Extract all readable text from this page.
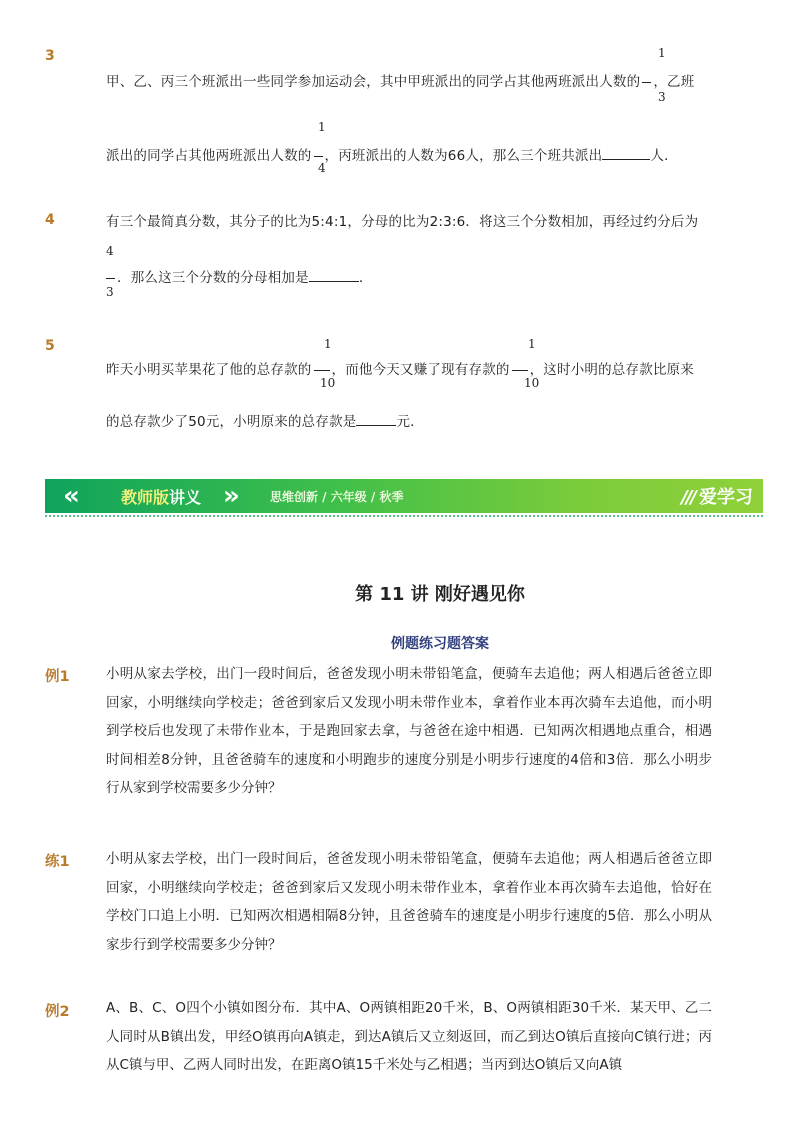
3	1
甲、乙、丙三个班派出一些同学参加运动会，其中甲班派出的同学占其他两班派出人数的 ，乙班
3
1
派出的同学占其他两班派出人数的 ，丙班派出的人数为66人，那么三个班共派出	人．
4
4	有三个最简真分数，其分子的比为5:4:1，分母的比为2:3:6．将这三个分数相加，再经过约分后为
4
．那么这三个分数的分母相加是	．
3
5	1	1
昨天小明买苹果花了他的总存款的 ，而他今天又赚了现有存款的 ，这时小明的总存款比原来
10	10
的总存款少了50元，小明原来的总存款是	元．
«	»
教师版讲义	思维创新 / 六年级 / 秋季	/// 爱学习
第 11 讲 刚好遇见你
例题练习题答案
例1	小明从家去学校，出门一段时间后，爸爸发现小明未带铅笔盒，便骑车去追他；两人相遇后爸爸立即回家，小明继续向学校走；爸爸到家后又发现小明未带作业本，拿着作业本再次骑车去追他，而小明到学校后也发现了未带作业本，于是跑回家去拿，与爸爸在途中相遇．已知两次相遇地点重合，相遇时间相差8分钟，且爸爸骑车的速度和小明跑步的速度分别是小明步行速度的4倍和3倍．那么小明步行从家到学校需要多少分钟？
练1	小明从家去学校，出门一段时间后，爸爸发现小明未带铅笔盒，便骑车去追他；两人相遇后爸爸立即回家，小明继续向学校走；爸爸到家后又发现小明未带作业本，拿着作业本再次骑车去追他，恰好在学校门口追上小明．已知两次相遇相隔8分钟，且爸爸骑车的速度是小明步行速度的5倍．那么小明从家步行到学校需要多少分钟？
例2	A、B、C、O四个小镇如图分布．其中A、O两镇相距20千米，B、O两镇相距30千米．某天甲、乙二人同时从B镇出发，甲经O镇再向A镇走，到达A镇后又立刻返回，而乙到达O镇后直接向C镇行进；丙从C镇与甲、乙两人同时出发，在距离O镇15千米处与乙相遇；当丙到达O镇后又向A镇
